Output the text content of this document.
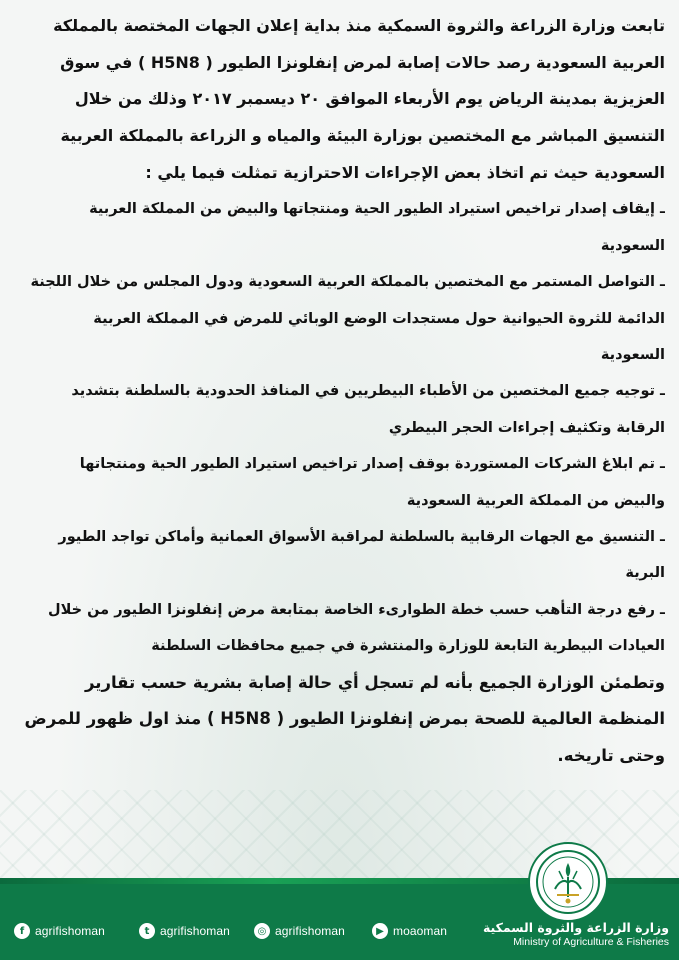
تابعت وزارة الزراعة والثروة السمكية منذ بداية إعلان الجهات المختصة بالمملكة
العربية السعودية رصد حالات إصابة لمرض إنفلونزا الطيور ( H5N8 ) في سوق
العزيزية بمدينة الرياض يوم الأربعاء الموافق ٢٠ ديسمبر ٢٠١٧ وذلك من خلال
التنسيق المباشر مع المختصين بوزارة البيئة والمياه و الزراعة بالمملكة العربية
السعودية حيث تم اتخاذ بعض الإجراءات الاحترازية تمثلت فيما يلي :
ـ إيقاف إصدار تراخيص استيراد الطيور الحية ومنتجاتها والبيض من المملكة العربية
السعودية
ـ التواصل المستمر مع المختصين بالمملكة العربية السعودية ودول المجلس من خلال اللجنة
الدائمة للثروة الحيوانية حول مستجدات الوضع الوبائي للمرض في المملكة العربية
السعودية
ـ توجيه جميع المختصين من الأطباء البيطريين في المنافذ الحدودية بالسلطنة بتشديد
الرقابة وتكثيف إجراءات الحجر البيطري
ـ تم ابلاغ الشركات المستوردة بوقف إصدار تراخيص استيراد الطيور الحية ومنتجاتها
والبيض من المملكة العربية السعودية
ـ التنسيق مع الجهات الرقابية بالسلطنة لمراقبة الأسواق العمانية وأماكن تواجد الطيور
البرية
ـ رفع درجة التأهب حسب خطة الطوارىء الخاصة بمتابعة مرض إنفلونزا الطيور من خلال
العيادات البيطرية التابعة للوزارة والمنتشرة في جميع محافظات السلطنة
وتطمئن الوزارة الجميع بأنه لم تسجل أي حالة إصابة بشرية حسب تقارير
المنظمة العالمية للصحة بمرض إنفلونزا الطيور ( H5N8 ) منذ اول ظهور للمرض
وحتى تاريخه.
f agrifishoman	t agrifishoman	◎ agrifishoman	▶ moaoman	وزارة الزراعة والثروة السمكية
Ministry of Agriculture & Fisheries
